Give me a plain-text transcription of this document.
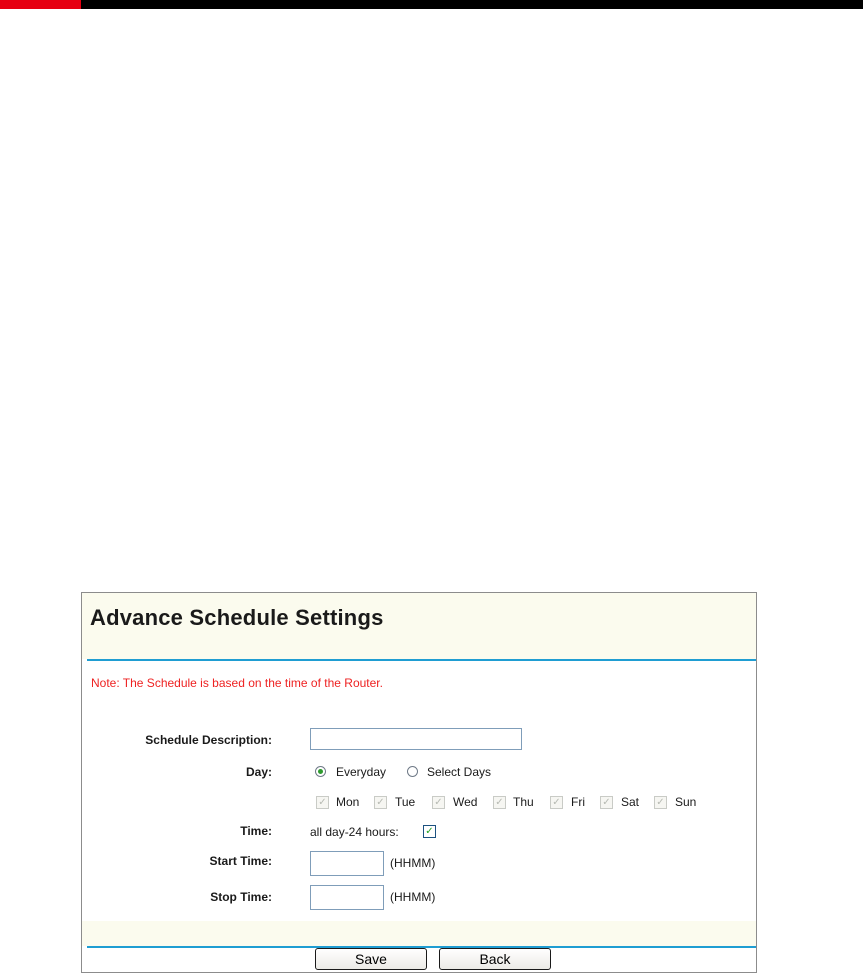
Advance Schedule Settings
Note: The Schedule is based on the time of the Router.
Schedule Description:
Day:	Everyday	Select Days
✓ Mon ✓ Tue ✓ Wed ✓ Thu ✓ Fri ✓ Sat ✓ Sun
Time:	all day-24 hours:	✓
Start Time:	(HHMM)
Stop Time:	(HHMM)
Save	Back
